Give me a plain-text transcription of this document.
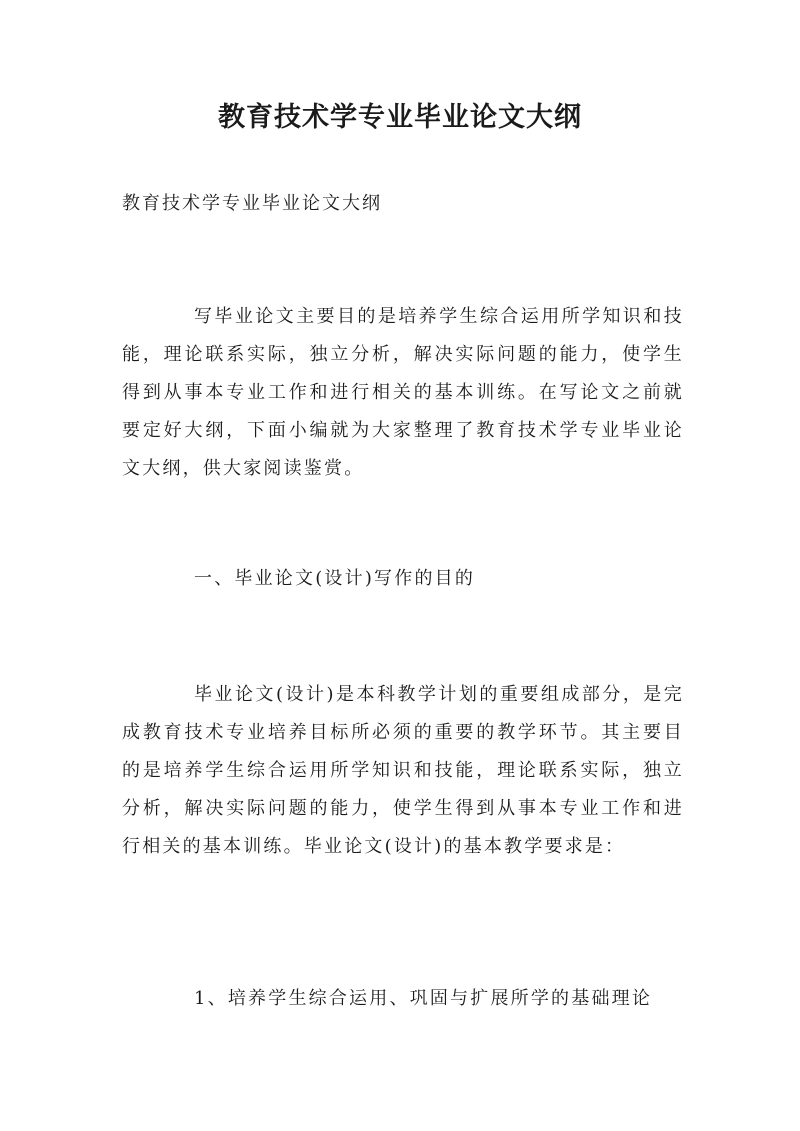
教育技术学专业毕业论文大纲

教育技术学专业毕业论文大纲

写毕业论文主要目的是培养学生综合运用所学知识和技能，理论联系实际，独立分析，解决实际问题的能力，使学生得到从事本专业工作和进行相关的基本训练。在写论文之前就要定好大纲，下面小编就为大家整理了教育技术学专业毕业论文大纲，供大家阅读鉴赏。

一、毕业论文(设计)写作的目的

毕业论文(设计)是本科教学计划的重要组成部分，是完成教育技术专业培养目标所必须的重要的教学环节。其主要目的是培养学生综合运用所学知识和技能，理论联系实际，独立分析，解决实际问题的能力，使学生得到从事本专业工作和进行相关的基本训练。毕业论文(设计)的基本教学要求是：

1、培养学生综合运用、巩固与扩展所学的基础理论
